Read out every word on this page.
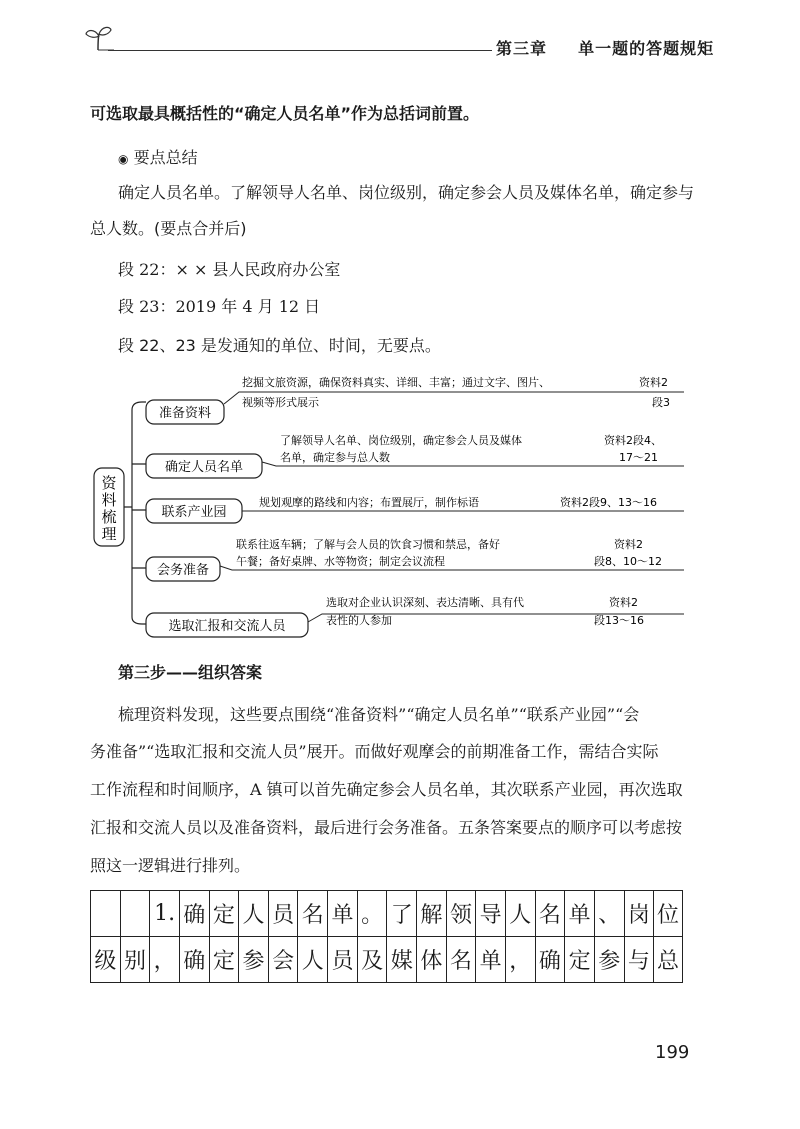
第三章 单一题的答题规矩
可选取最具概括性的“确定人员名单”作为总括词前置。
◉ 要点总结
确定人员名单。了解领导人名单、岗位级别，确定参会人员及媒体名单，确定参与
总人数。(要点合并后)
段 22：× × 县人民政府办公室
段 23：2019 年 4 月 12 日
段 22、23 是发通知的单位、时间，无要点。
资
料
梳
理
准备资料
挖掘文旅资源，确保资料真实、详细、丰富；通过文字、图片、
视频等形式展示
资料2
段3
确定人员名单
了解领导人名单、岗位级别，确定参会人员及媒体
名单，确定参与总人数
资料2段4、
17～21
联系产业园
规划观摩的路线和内容；布置展厅，制作标语	资料2段9、13～16
会务准备
联系往返车辆；了解与会人员的饮食习惯和禁忌，备好
午餐；备好桌牌、水等物资；制定会议流程
资料2
段8、10～12
选取汇报和交流人员
选取对企业认识深刻、表达清晰、具有代
表性的人参加
资料2
段13～16
第三步——组织答案
梳理资料发现，这些要点围绕“准备资料”“确定人员名单”“联系产业园”“会
务准备”“选取汇报和交流人员”展开。而做好观摩会的前期准备工作，需结合实际
工作流程和时间顺序，A 镇可以首先确定参会人员名单，其次联系产业园，再次选取
汇报和交流人员以及准备资料，最后进行会务准备。五条答案要点的顺序可以考虑按
照这一逻辑进行排列。
1. 确 定 人 员 名 单 。 了 解 领 导 人 名 单 、 岗 位
级 别 ， 确 定 参 会 人 员 及 媒 体 名 单 ， 确 定 参 与 总
199
